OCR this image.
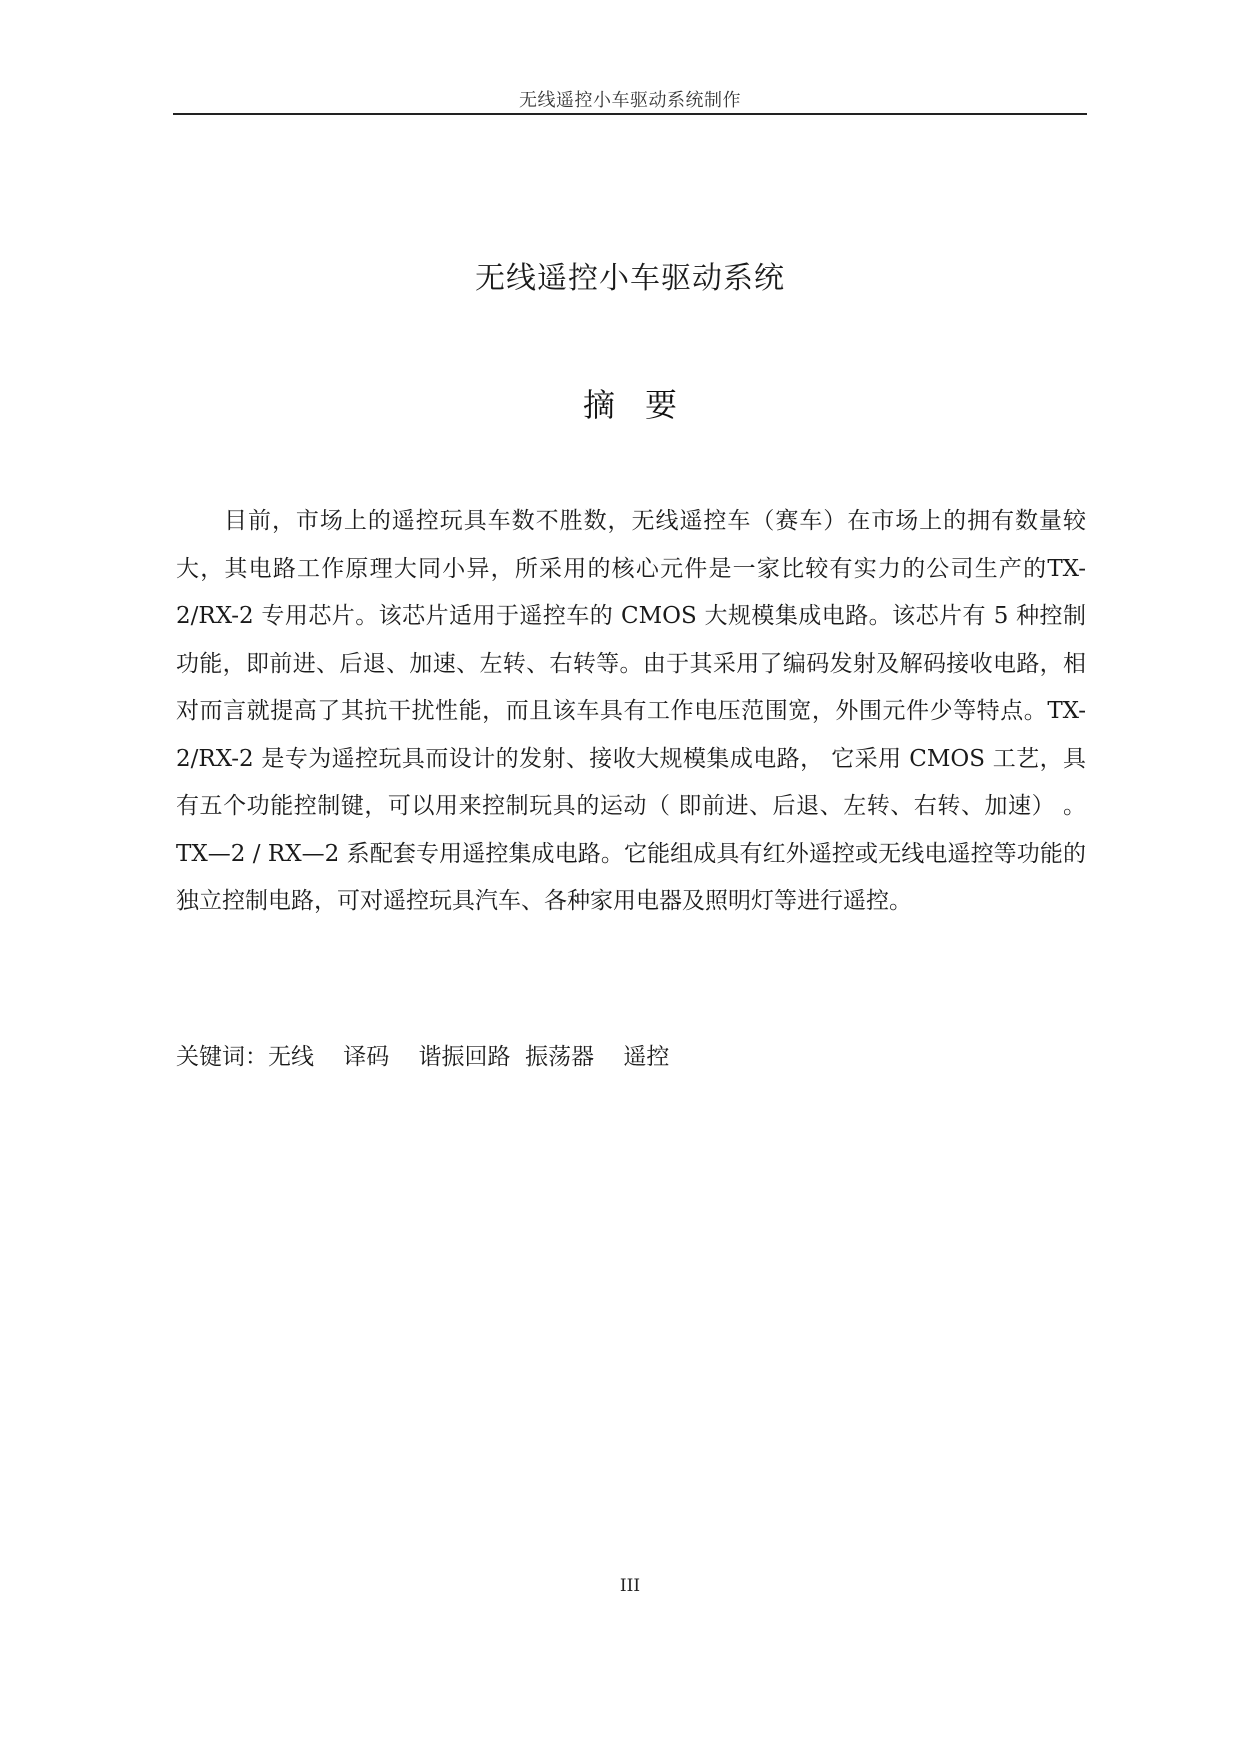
无线遥控小车驱动系统制作
无线遥控小车驱动系统
摘要

目前，市场上的遥控玩具车数不胜数，无线遥控车（赛车）在市场上的拥有数量较大，其电路工作原理大同小异，所采用的核心元件是一家比较有实力的公司生产的TX-2/RX-2 专用芯片。该芯片适用于遥控车的 CMOS 大规模集成电路。该芯片有 5 种控制功能，即前进、后退、加速、左转、右转等。由于其采用了编码发射及解码接收电路，相对而言就提高了其抗干扰性能，而且该车具有工作电压范围宽，外围元件少等特点。TX-2/RX-2 是专为遥控玩具而设计的发射、接收大规模集成电路， 它采用 CMOS 工艺，具有五个功能控制键，可以用来控制玩具的运动（ 即前进、后退、左转、右转、加速） 。TX—2 / RX—2 系配套专用遥控集成电路。它能组成具有红外遥控或无线电遥控等功能的独立控制电路，可对遥控玩具汽车、各种家用电器及照明灯等进行遥控。

关键词：无线    译码    谐振回路  振荡器    遥控
III
